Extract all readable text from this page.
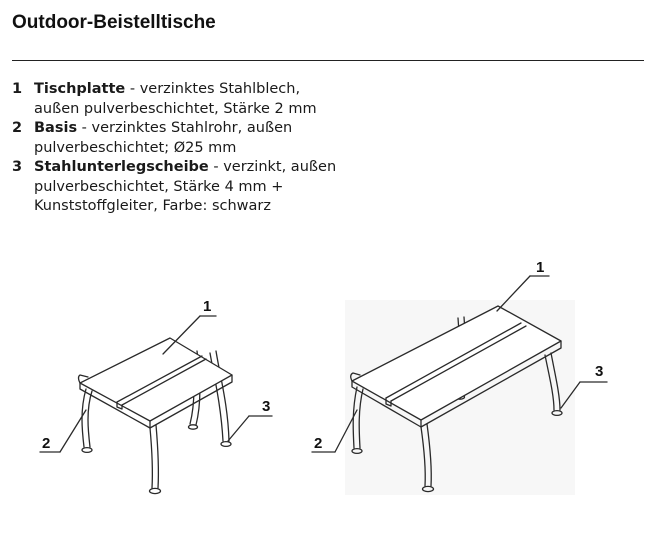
Outdoor-Beistelltische
1 Tischplatte - verzinktes Stahlblech,
außen pulverbeschichtet, Stärke 2 mm
2 Basis - verzinktes Stahlrohr, außen
pulverbeschichtet; Ø25 mm
3 Stahlunterlegscheibe - verzinkt, außen
pulverbeschichtet, Stärke 4 mm +
Kunststoffgleiter, Farbe: schwarz
1
2
3
1
2
3
